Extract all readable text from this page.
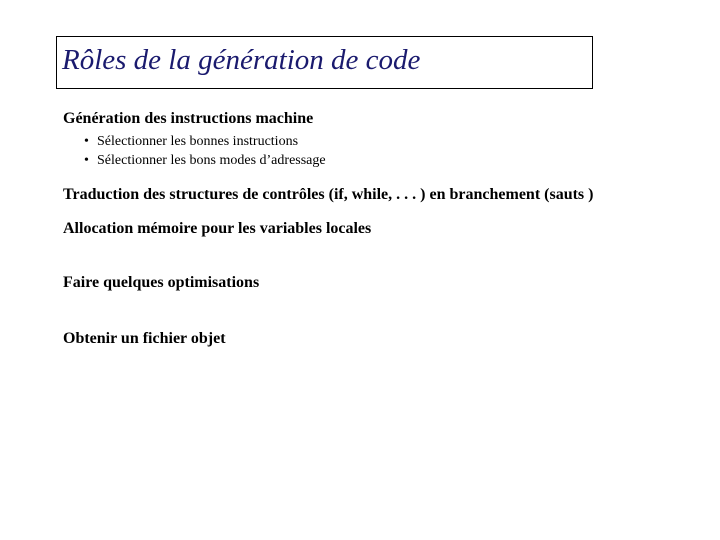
Rôles de la génération de code
Génération des instructions machine
• Sélectionner les bonnes instructions
• Sélectionner les bons modes d’adressage
Traduction des structures de contrôles (if, while, . . . ) en branchement (sauts )
Allocation mémoire pour les variables locales
Faire quelques optimisations
Obtenir un fichier objet
